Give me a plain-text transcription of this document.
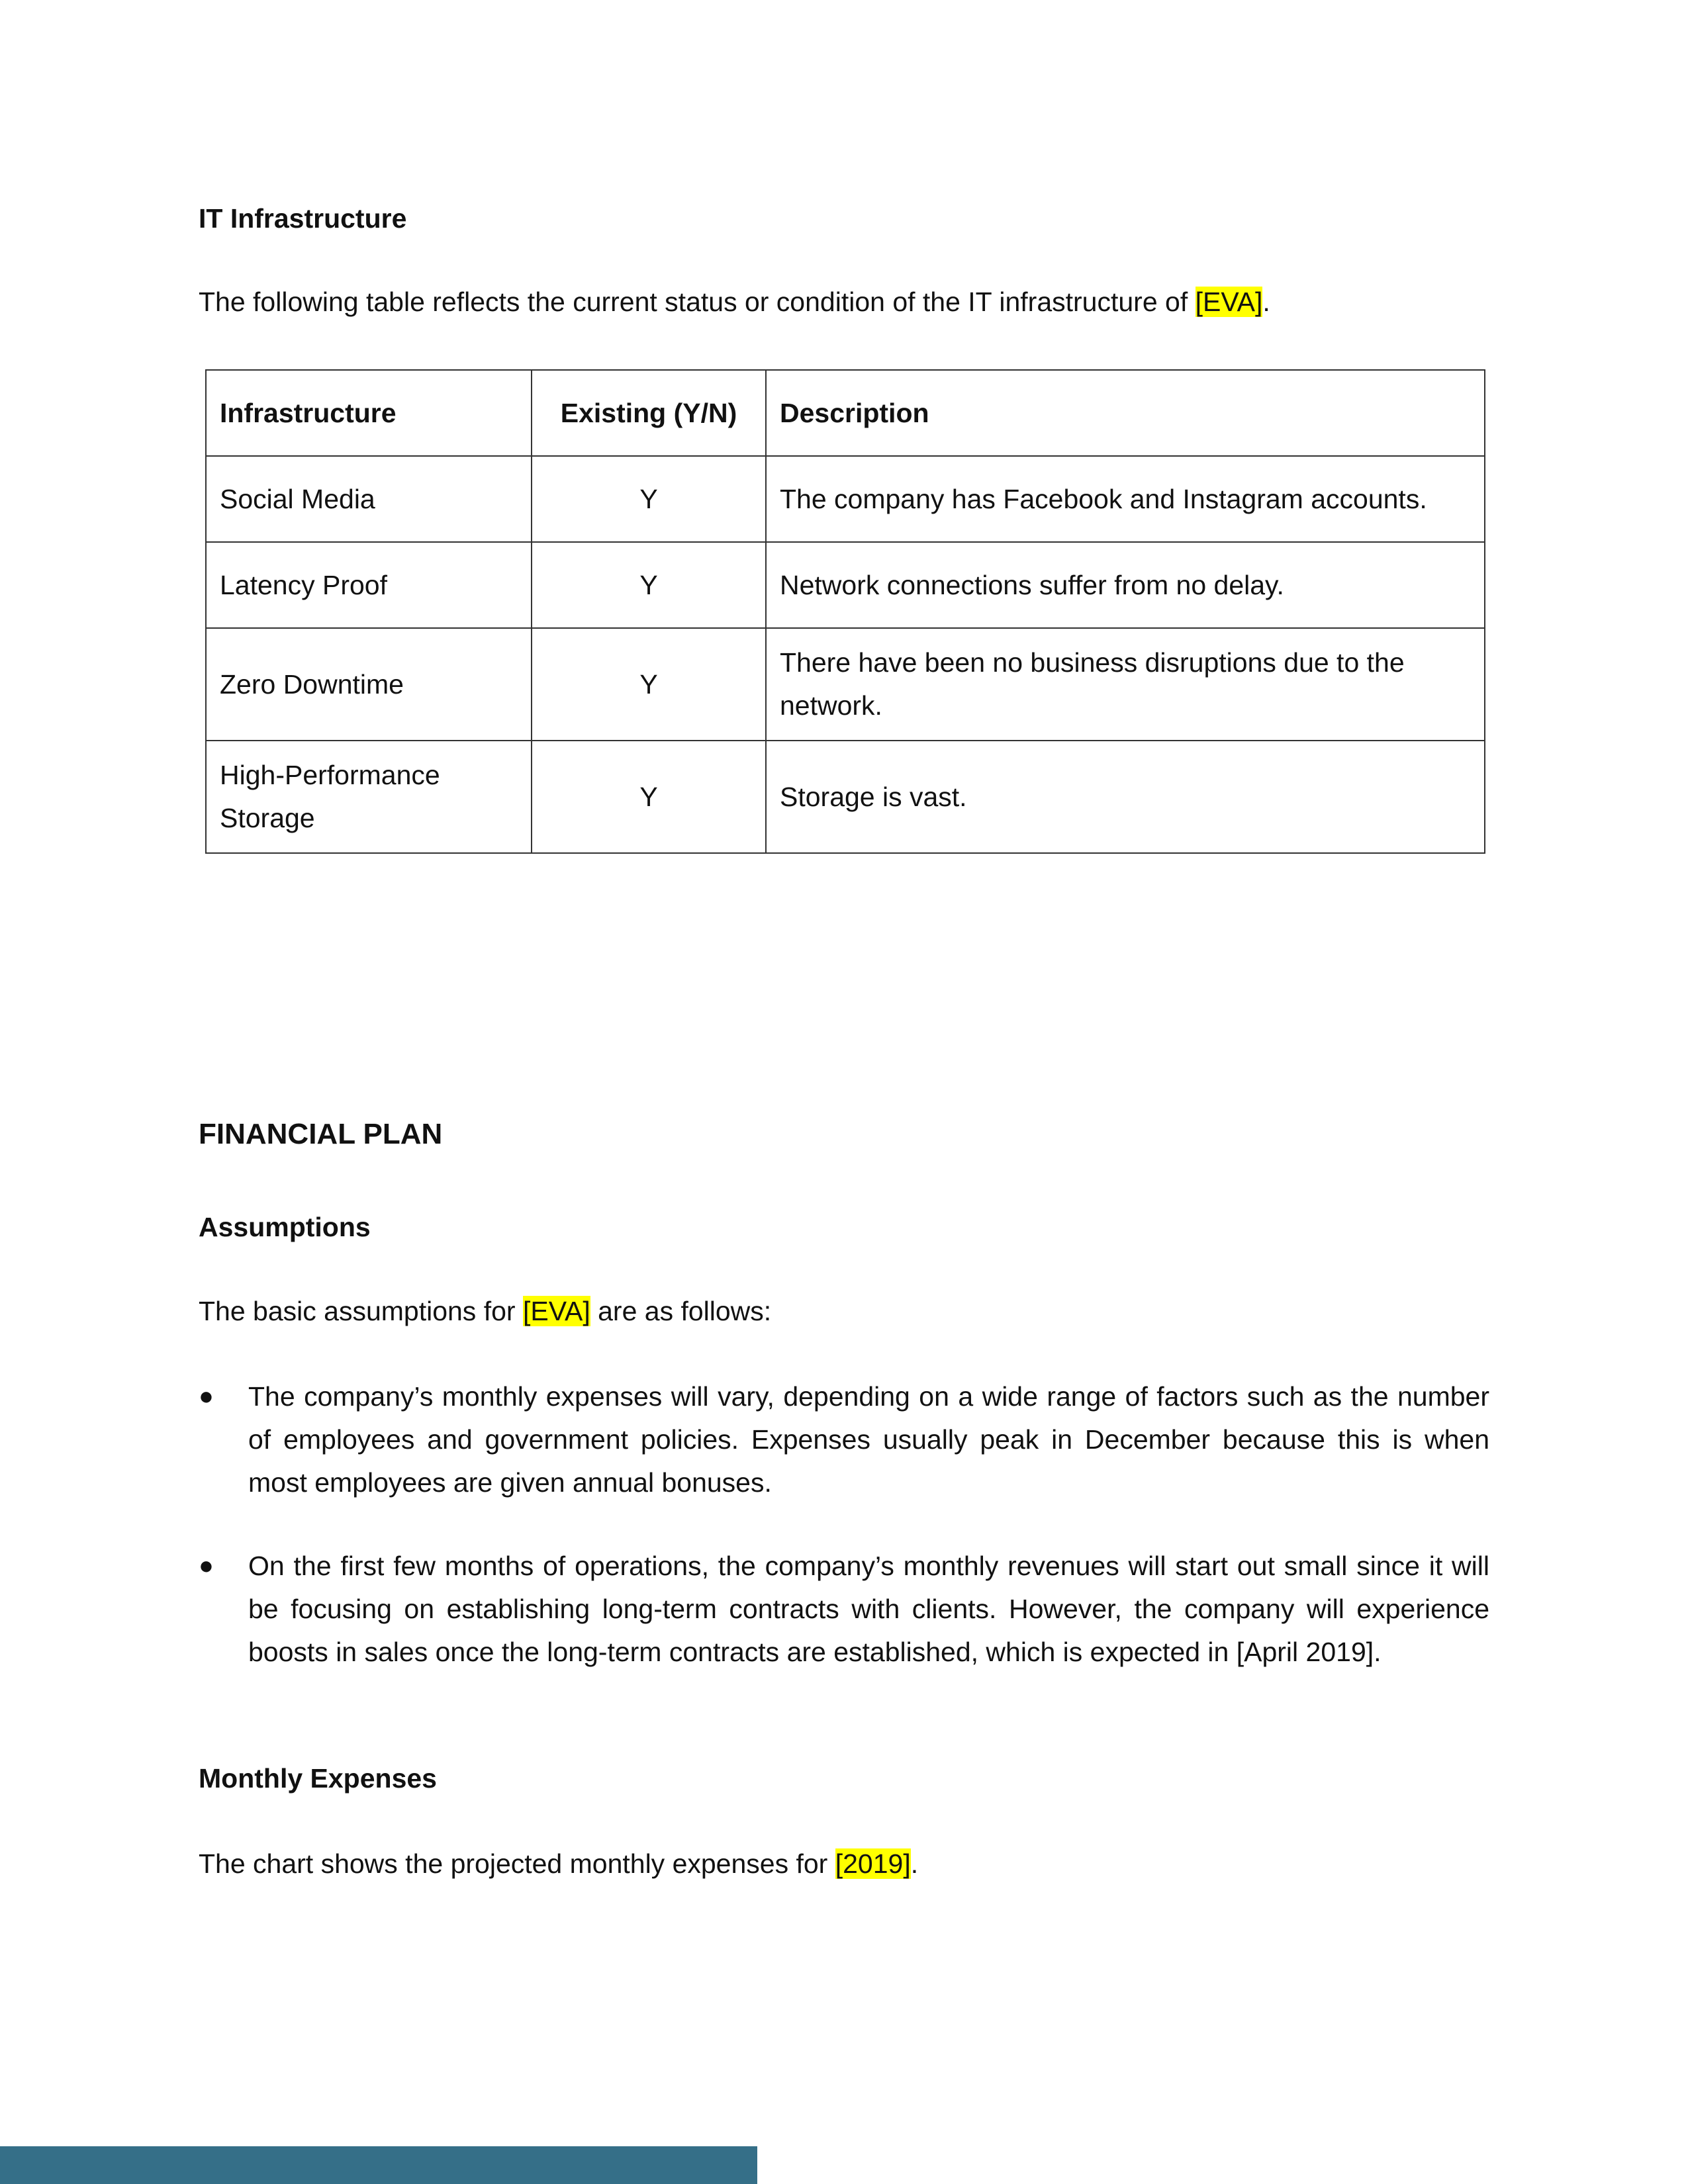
IT Infrastructure
The following table reflects the current status or condition of the IT infrastructure of [EVA].
Infrastructure	Existing (Y/N)	Description
Social Media	Y	The company has Facebook and Instagram accounts.
Latency Proof	Y	Network connections suffer from no delay.
Zero Downtime	Y	There have been no business disruptions due to the network.
High-Performance Storage	Y	Storage is vast.
FINANCIAL PLAN
Assumptions
The basic assumptions for [EVA] are as follows:
● The company’s monthly expenses will vary, depending on a wide range of factors such as the number of employees and government policies. Expenses usually peak in December because this is when most employees are given annual bonuses.
● On the first few months of operations, the company’s monthly revenues will start out small since it will be focusing on establishing long-term contracts with clients. However, the company will experience boosts in sales once the long-term contracts are established, which is expected in [April 2019].
Monthly Expenses
The chart shows the projected monthly expenses for [2019].
